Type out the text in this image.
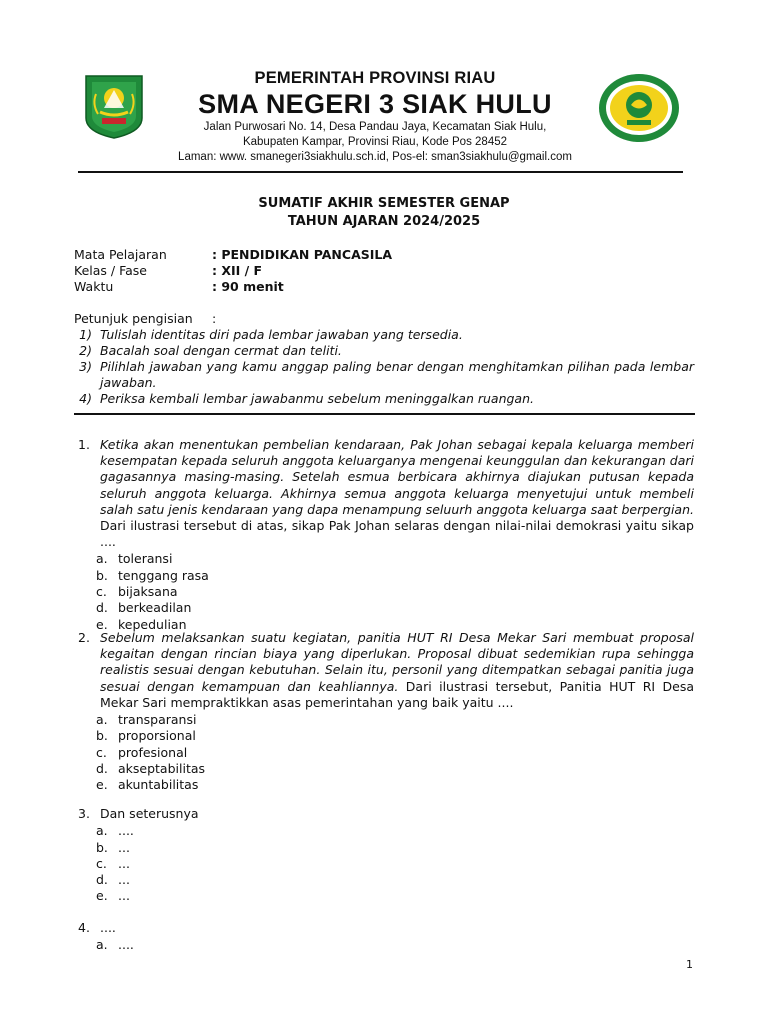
PEMERINTAH PROVINSI RIAU
SMA NEGERI 3 SIAK HULU
Jalan Purwosari No. 14, Desa Pandau Jaya, Kecamatan Siak Hulu,
Kabupaten Kampar, Provinsi Riau, Kode Pos 28452
Laman: www. smanegeri3siakhulu.sch.id, Pos-el: sman3siakhulu@gmail.com
SUMATIF AKHIR SEMESTER GENAP
TAHUN AJARAN 2024/2025
Mata Pelajaran	: PENDIDIKAN PANCASILA
Kelas / Fase	: XII / F
Waktu	: 90 menit
Petunjuk pengisian	:
1) Tulislah identitas diri pada lembar jawaban yang tersedia.
2) Bacalah soal dengan cermat dan teliti.
3) Pilihlah jawaban yang kamu anggap paling benar dengan menghitamkan pilihan pada lembar jawaban.
4) Periksa kembali lembar jawabanmu sebelum meninggalkan ruangan.
1. Ketika akan menentukan pembelian kendaraan, Pak Johan sebagai kepala keluarga memberi kesempatan kepada seluruh anggota keluarganya mengenai keunggulan dan kekurangan dari gagasannya masing-masing. Setelah esmua berbicara akhirnya diajukan putusan kepada seluruh anggota keluarga. Akhirnya semua anggota keluarga menyetujui untuk membeli salah satu jenis kendaraan yang dapa menampung seluurh anggota keluarga saat berpergian. Dari ilustrasi tersebut di atas, sikap Pak Johan selaras dengan nilai-nilai demokrasi yaitu sikap ....
a. toleransi
b. tenggang rasa
c. bijaksana
d. berkeadilan
e. kepedulian
2. Sebelum melaksankan suatu kegiatan, panitia HUT RI Desa Mekar Sari membuat proposal kegaitan dengan rincian biaya yang diperlukan. Proposal dibuat sedemikian rupa sehingga realistis sesuai dengan kebutuhan. Selain itu, personil yang ditempatkan sebagai panitia juga sesuai dengan kemampuan dan keahliannya. Dari ilustrasi tersebut, Panitia HUT RI Desa Mekar Sari mempraktikkan asas pemerintahan yang baik yaitu ....
a. transparansi
b. proporsional
c. profesional
d. akseptabilitas
e. akuntabilitas
3. Dan seterusnya
a. ....
b. ...
c. ...
d. ...
e. ...
4. ....
a. ....
1
